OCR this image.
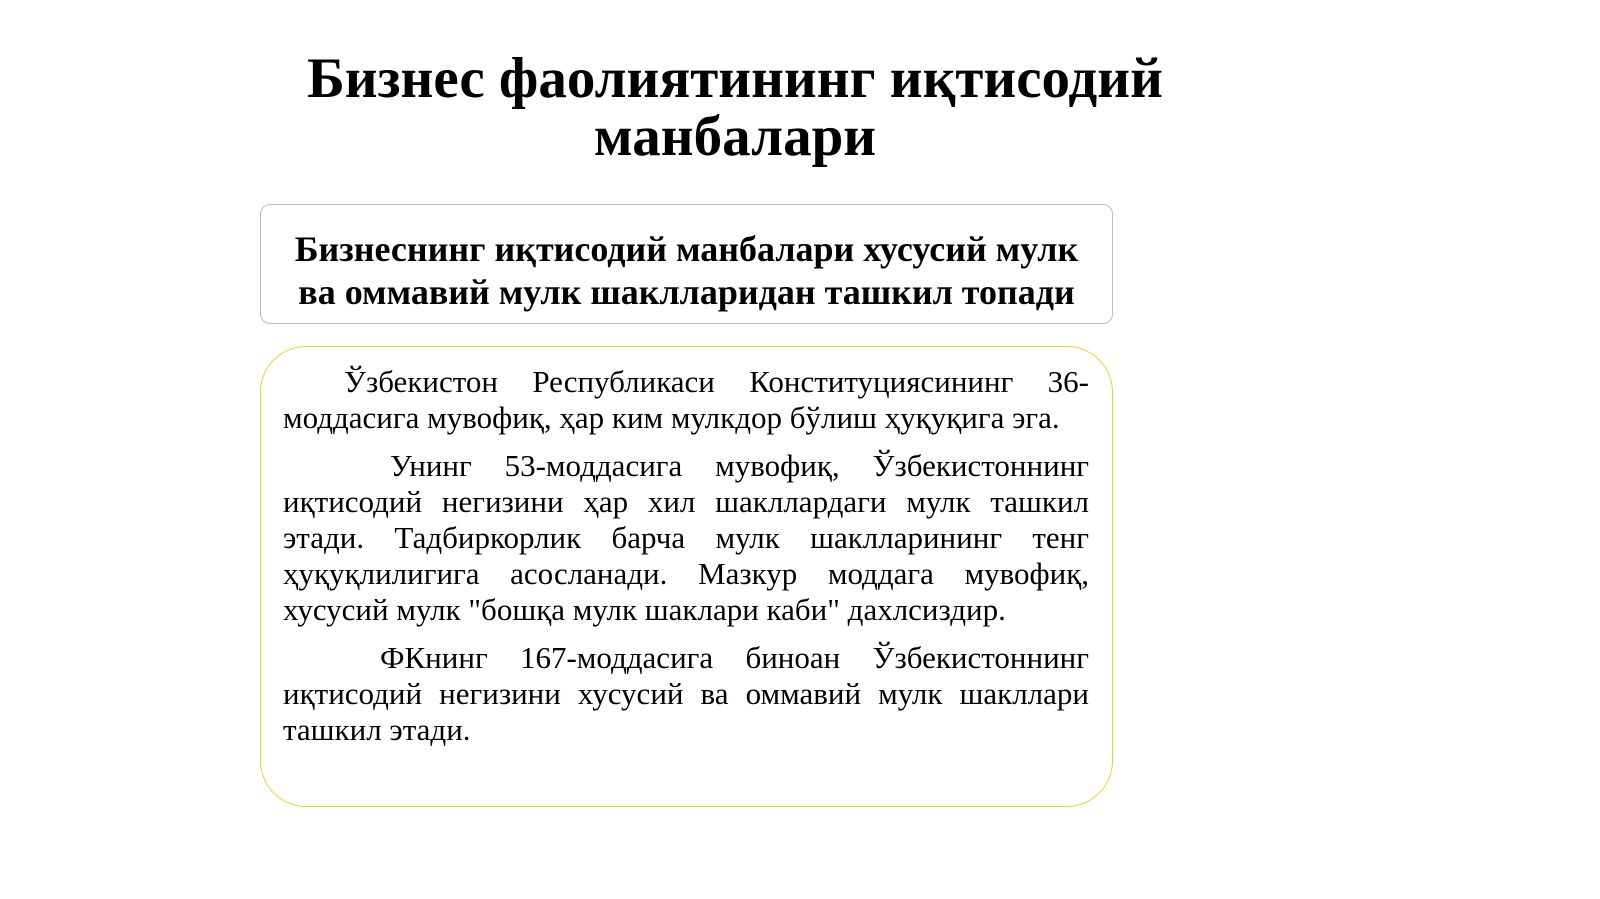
Бизнес фаолиятининг иқтисодий манбалари

Бизнеснинг иқтисодий манбалари хусусий мулк ва оммавий мулк шаклларидан ташкил топади

Ўзбекистон Республикаси Конституциясининг 36-моддасига мувофиқ, ҳар ким мулкдор бўлиш ҳуқуқига эга.

Унинг 53-моддасига мувофиқ, Ўзбекистоннинг иқтисодий негизини ҳар хил шакллардаги мулк ташкил этади. Тадбиркорлик барча мулк шаклларининг тенг ҳуқуқлилигига асосланади. Мазкур моддага мувофиқ, хусусий мулк "бошқа мулк шаклари каби" дахлсиздир.

ФКнинг 167-моддасига биноан Ўзбекистоннинг иқтисодий негизини хусусий ва оммавий мулк шакллари ташкил этади.
